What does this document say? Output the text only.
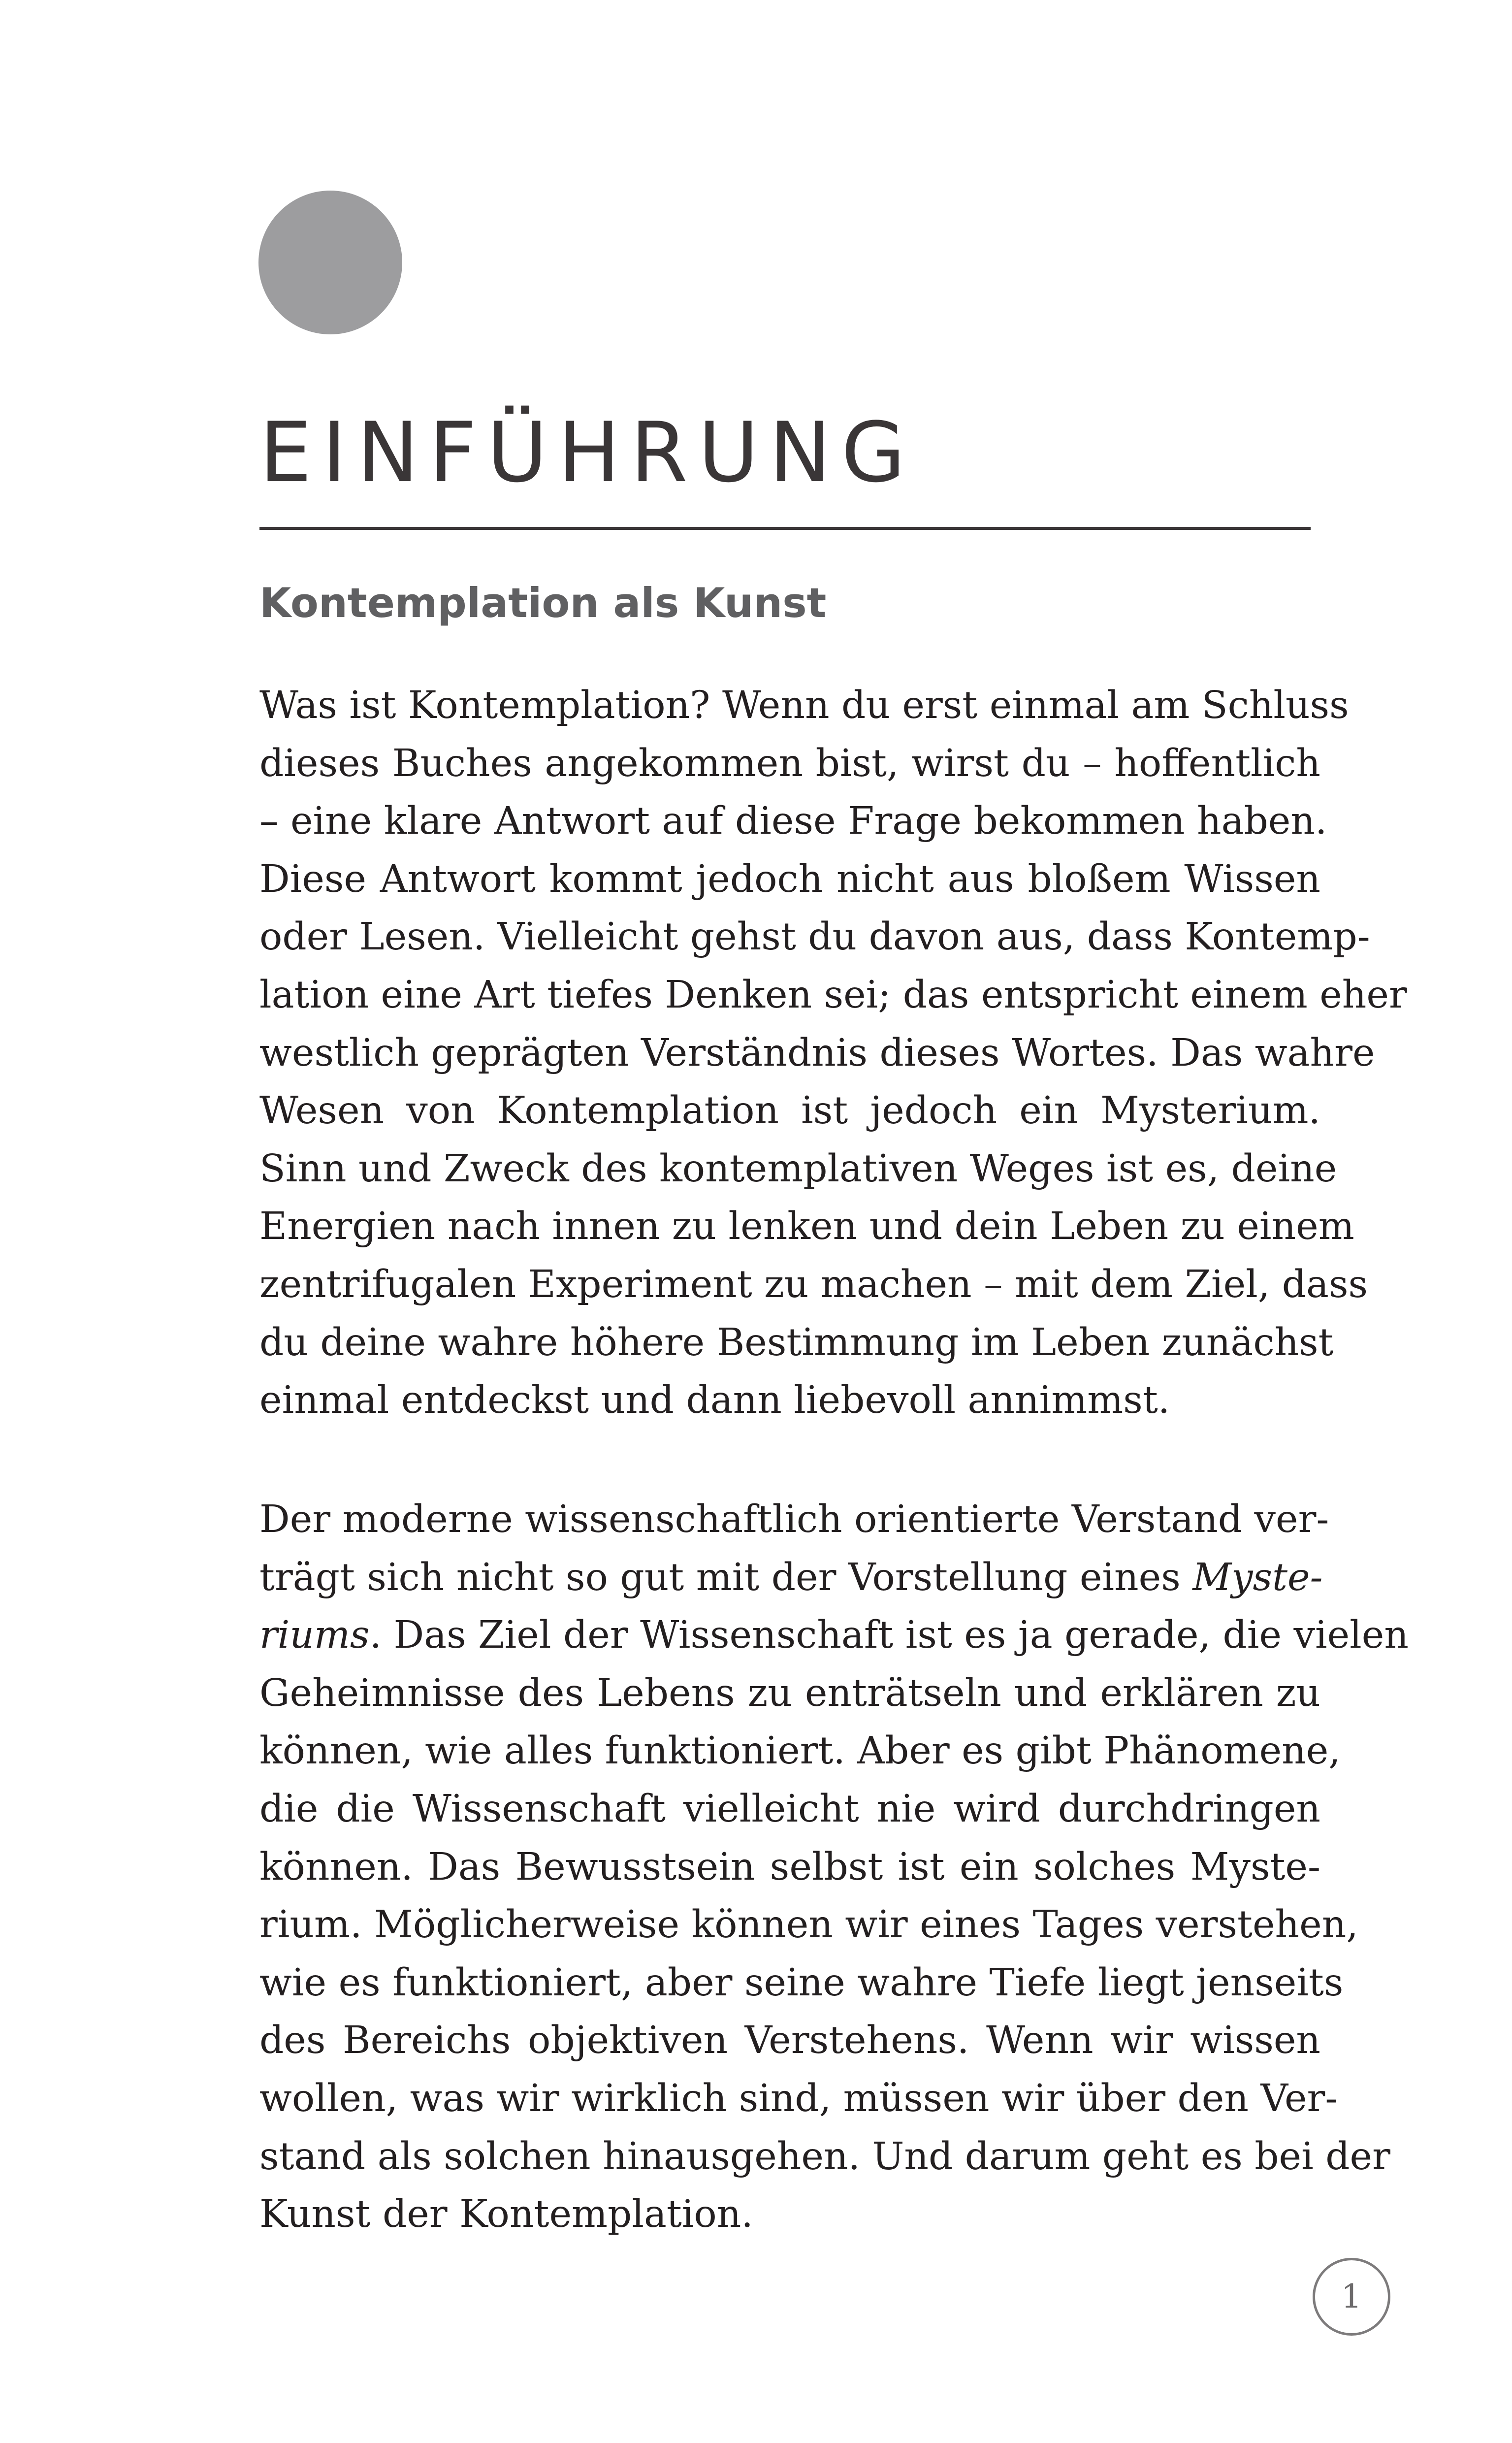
EINFÜHRUNG
Kontemplation als Kunst
Was ist Kontemplation? Wenn du erst einmal am Schluss
dieses Buches angekommen bist, wirst du – hoffentlich
– eine klare Antwort auf diese Frage bekommen haben.
Diese Antwort kommt jedoch nicht aus bloßem Wissen
oder Lesen. Vielleicht gehst du davon aus, dass Kontemp-
lation eine Art tiefes Denken sei; das entspricht einem eher
westlich geprägten Verständnis dieses Wortes. Das wahre
Wesen von Kontemplation ist jedoch ein Mysterium.
Sinn und Zweck des kontemplativen Weges ist es, deine
Energien nach innen zu lenken und dein Leben zu einem
zentrifugalen Experiment zu machen – mit dem Ziel, dass
du deine wahre höhere Bestimmung im Leben zunächst
einmal entdeckst und dann liebevoll annimmst.
Der moderne wissenschaftlich orientierte Verstand ver-
trägt sich nicht so gut mit der Vorstellung eines Myste-
riums. Das Ziel der Wissenschaft ist es ja gerade, die vielen
Geheimnisse des Lebens zu enträtseln und erklären zu
können, wie alles funktioniert. Aber es gibt Phänomene,
die die Wissenschaft vielleicht nie wird durchdringen
können. Das Bewusstsein selbst ist ein solches Myste-
rium. Möglicherweise können wir eines Tages verstehen,
wie es funktioniert, aber seine wahre Tiefe liegt jenseits
des Bereichs objektiven Verstehens. Wenn wir wissen
wollen, was wir wirklich sind, müssen wir über den Ver-
stand als solchen hinausgehen. Und darum geht es bei der
Kunst der Kontemplation.
1
